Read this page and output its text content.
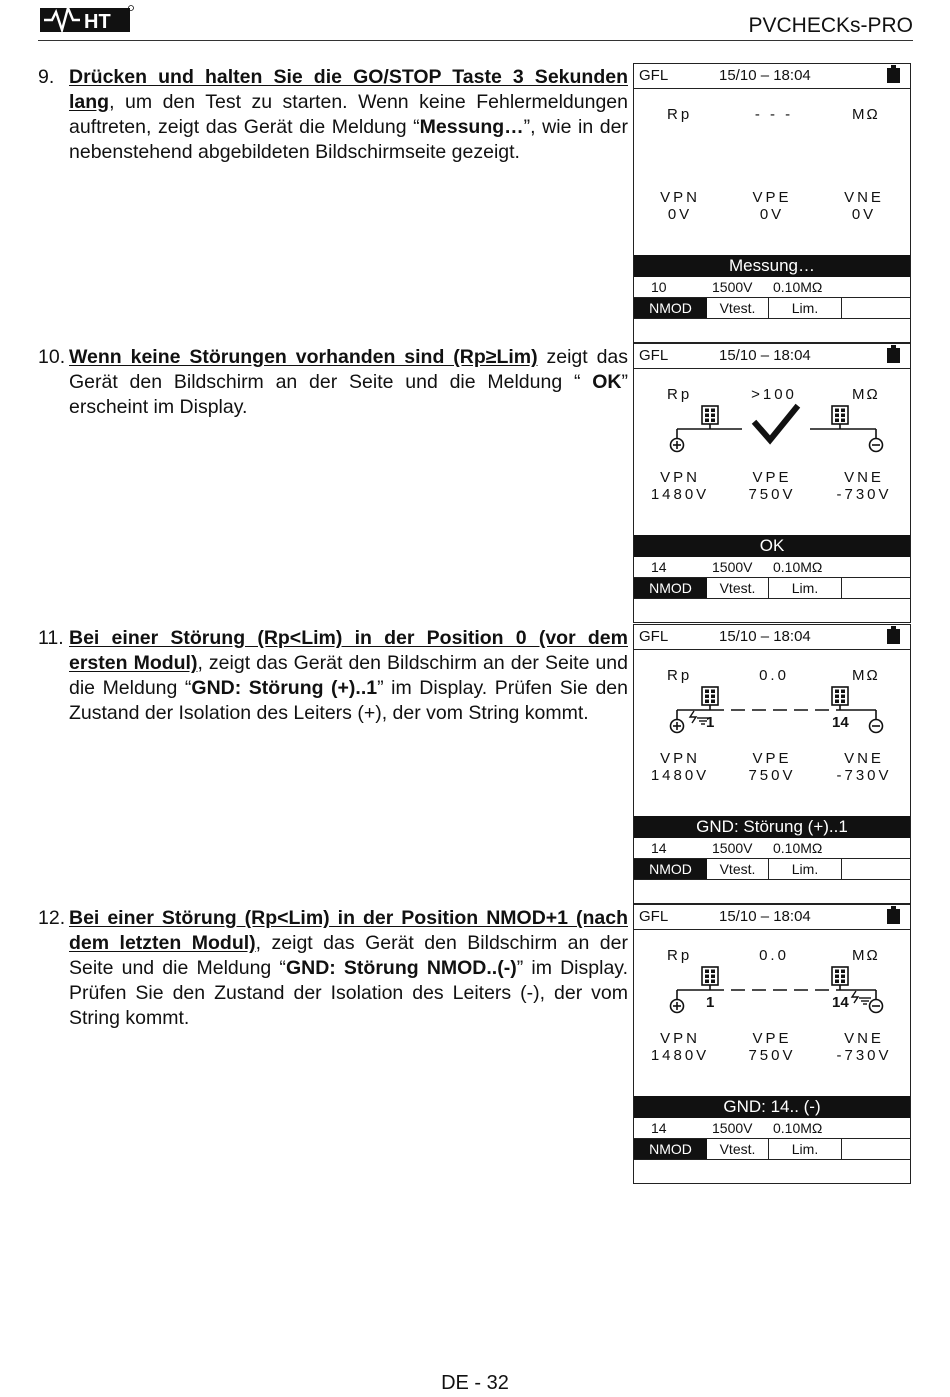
HT	PVCHECKs-PRO
9. Drücken und halten Sie die GO/STOP Taste 3 Sekunden lang, um den Test zu starten. Wenn keine Fehlermeldungen auftreten, zeigt das Gerät die Meldung “Messung…”, wie in der nebenstehend abgebildeten Bildschirmseite gezeigt.
10. Wenn keine Störungen vorhanden sind (Rp≥Lim) zeigt das Gerät den Bildschirm an der Seite und die Meldung “ OK” erscheint im Display.
11. Bei einer Störung (Rp<Lim) in der Position 0 (vor dem ersten Modul), zeigt das Gerät den Bildschirm an der Seite und die Meldung “GND: Störung (+)..1” im Display. Prüfen Sie den Zustand der Isolation des Leiters (+), der vom String kommt.
12. Bei einer Störung (Rp<Lim) in der Position NMOD+1 (nach dem letzten Modul), zeigt das Gerät den Bildschirm an der Seite und die Meldung “GND: Störung NMOD..(-)” im Display. Prüfen Sie den Zustand der Isolation des Leiters (-), der vom String kommt.
GFL	15/10 – 18:04
Rp	- - -	MΩ
VPN	VPE	VNE
0V	0V	0V
Messung…
10	1500V 0.10MΩ
NMOD	Vtest.	Lim.
GFL	15/10 – 18:04
Rp	>100	MΩ
VPN	VPE	VNE
1480V	750V	-730V
OK
14	1500V 0.10MΩ
NMOD	Vtest.	Lim.
GFL	15/10 – 18:04
Rp	0.0	MΩ
1	14
VPN	VPE	VNE
1480V	750V	-730V
GND: Störung (+)..1
14	1500V 0.10MΩ
NMOD	Vtest.	Lim.
GFL	15/10 – 18:04
Rp	0.0	MΩ
1	14
VPN	VPE	VNE
1480V	750V	-730V
GND: 14.. (-)
14	1500V 0.10MΩ
NMOD	Vtest.	Lim.
DE - 32
